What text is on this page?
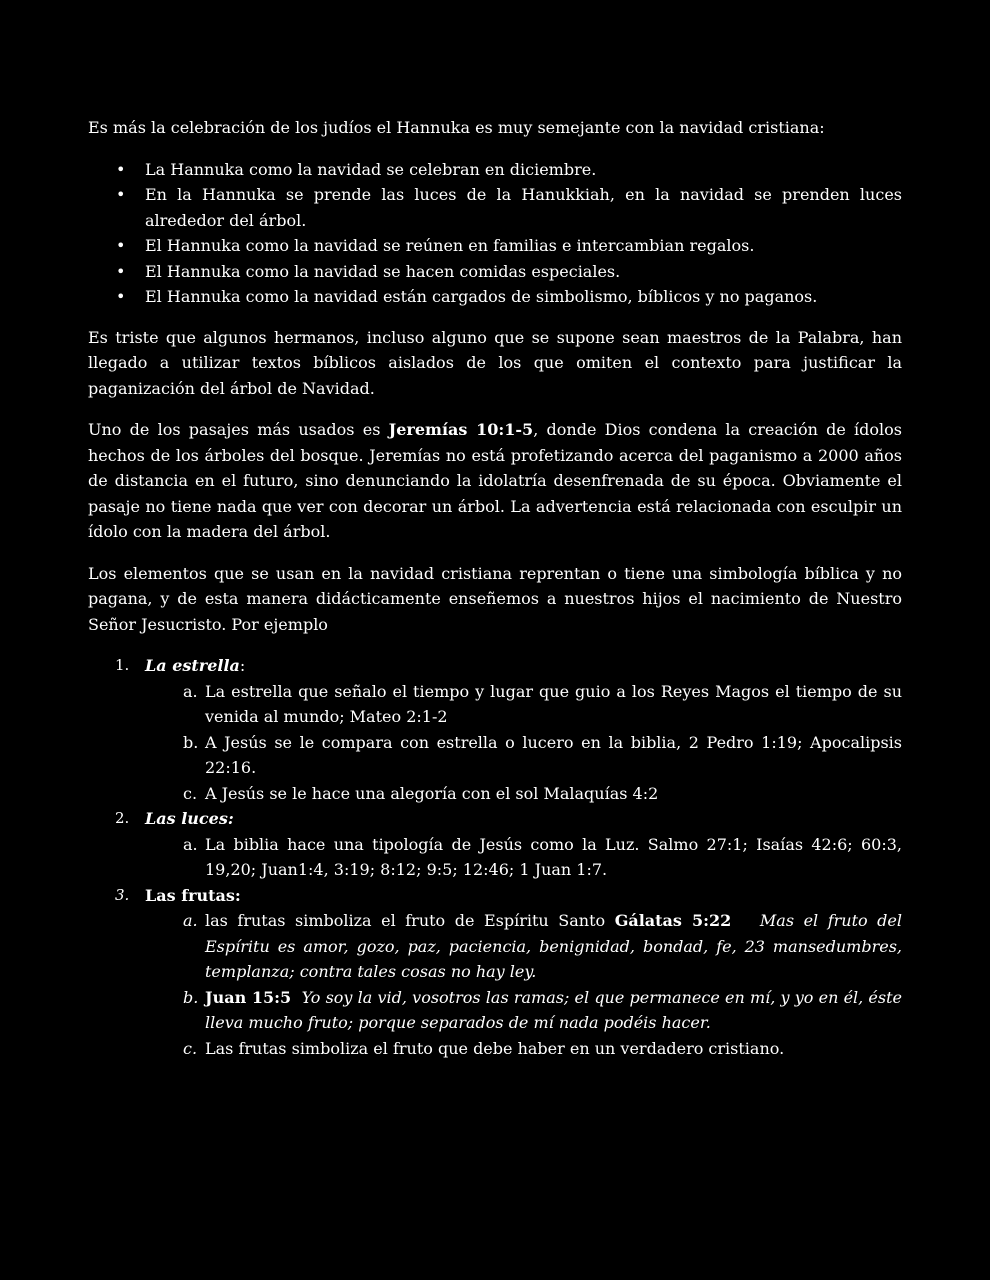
Es más la celebración de los judíos el Hannuka es muy semejante con la navidad cristiana:

• La Hannuka como la navidad se celebran en diciembre.
• En la Hannuka se prende las luces de la Hanukkiah, en la navidad se prenden luces alrededor del árbol.
• El Hannuka como la navidad se reúnen en familias e intercambian regalos.
• El Hannuka como la navidad se hacen comidas especiales.
• El Hannuka como la navidad están cargados de simbolismo, bíblicos y no paganos.

Es triste que algunos hermanos, incluso alguno que se supone sean maestros de la Palabra, han llegado a utilizar textos bíblicos aislados de los que omiten el contexto para justificar la paganización del árbol de Navidad.

Uno de los pasajes más usados es Jeremías 10:1-5, donde Dios condena la creación de ídolos hechos de los árboles del bosque. Jeremías no está profetizando acerca del paganismo a 2000 años de distancia en el futuro, sino denunciando la idolatría desenfrenada de su época. Obviamente el pasaje no tiene nada que ver con decorar un árbol. La advertencia está relacionada con esculpir un ídolo con la madera del árbol.

Los elementos que se usan en la navidad cristiana reprentan o tiene una simbología bíblica y no pagana, y de esta manera didácticamente enseñemos a nuestros hijos el nacimiento de Nuestro Señor Jesucristo. Por ejemplo

1. La estrella:
a. La estrella que señalo el tiempo y lugar que guio a los Reyes Magos el tiempo de su venida al mundo; Mateo 2:1-2
b. A Jesús se le compara con estrella o lucero en la biblia, 2 Pedro 1:19; Apocalipsis 22:16.
c. A Jesús se le hace una alegoría con el sol Malaquías 4:2
2. Las luces:
a. La biblia hace una tipología de Jesús como la Luz. Salmo 27:1; Isaías 42:6; 60:3, 19,20; Juan1:4, 3:19; 8:12; 9:5; 12:46; 1 Juan 1:7.
3. Las frutas:
a. las frutas simboliza el fruto de Espíritu Santo Gálatas 5:22 Mas el fruto del Espíritu es amor, gozo, paz, paciencia, benignidad, bondad, fe, 23 mansedumbres, templanza; contra tales cosas no hay ley.
b. Juan 15:5 Yo soy la vid, vosotros las ramas; el que permanece en mí, y yo en él, éste lleva mucho fruto; porque separados de mí nada podéis hacer.
c. Las frutas simboliza el fruto que debe haber en un verdadero cristiano.
